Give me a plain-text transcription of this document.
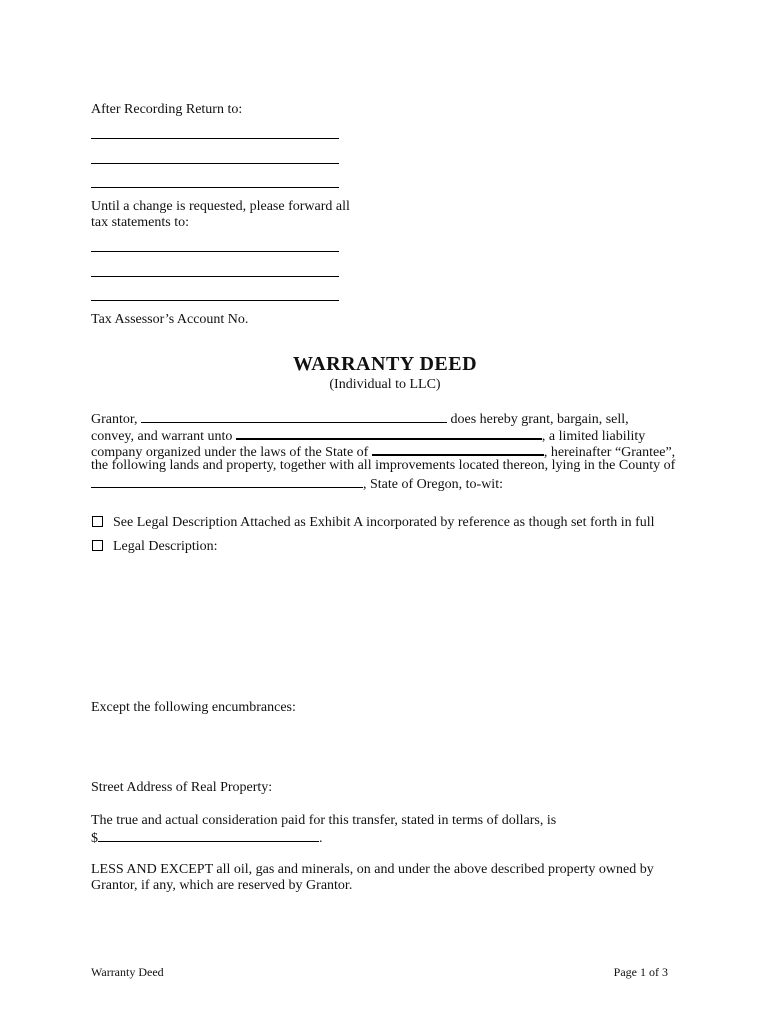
After Recording Return to:
Until a change is requested, please forward all
tax statements to:
Tax Assessor’s Account No.
WARRANTY DEED
(Individual to LLC)
Grantor,	does hereby grant, bargain, sell,
convey, and warrant unto	, a limited liability
company organized under the laws of the State of	, hereinafter “Grantee”,
the following lands and property, together with all improvements located thereon, lying in the County of
, State of Oregon, to-wit:
See Legal Description Attached as Exhibit A incorporated by reference as though set forth in full
Legal Description:
Except the following encumbrances:
Street Address of Real Property:
The true and actual consideration paid for this transfer, stated in terms of dollars, is
$	.
LESS AND EXCEPT all oil, gas and minerals, on and under the above described property owned by
Grantor, if any, which are reserved by Grantor.
Warranty Deed	Page 1 of 3
